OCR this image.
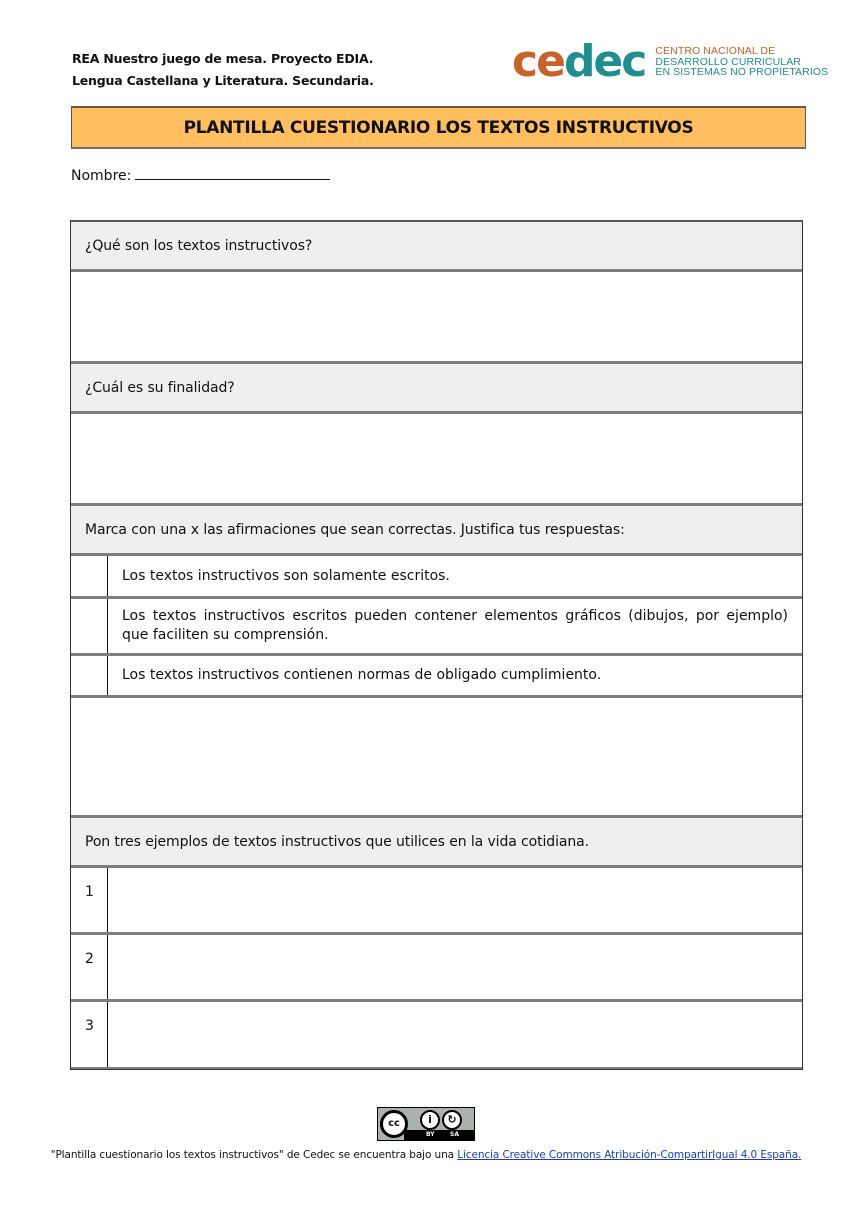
REA Nuestro juego de mesa. Proyecto EDIA.
Lengua Castellana y Literatura. Secundaria.	cedec CENTRO NACIONAL DE
DESARROLLO CURRICULAR
EN SISTEMAS NO PROPIETARIOS
PLANTILLA CUESTIONARIO LOS TEXTOS INSTRUCTIVOS
Nombre:
¿Qué son los textos instructivos?
¿Cuál es su finalidad?
Marca con una x las afirmaciones que sean correctas. Justifica tus respuestas:
Los textos instructivos son solamente escritos.
Los textos instructivos escritos pueden contener elementos gráficos (dibujos, por ejemplo) que faciliten su comprensión.
Los textos instructivos contienen normas de obligado cumplimiento.
Pon tres ejemplos de textos instructivos que utilices en la vida cotidiana.
1
2
3
cc	i	↻
BY	SA
"Plantilla cuestionario los textos instructivos" de Cedec se encuentra bajo una Licencia Creative Commons Atribución-CompartirIgual 4.0 España.
